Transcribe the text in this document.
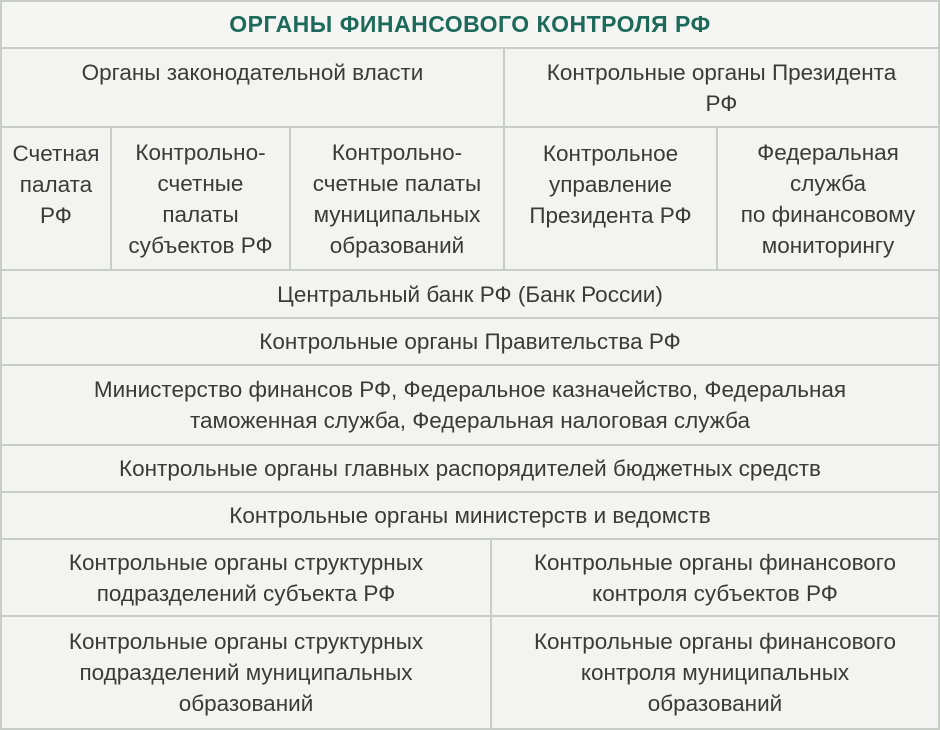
ОРГАНЫ ФИНАНСОВОГО КОНТРОЛЯ РФ
Органы законодательной власти	Контрольные органы Президента
РФ
Счетная
палата
РФ
Контрольно-
счетные
палаты
субъектов РФ
Контрольно-
счетные палаты
муниципальных
образований
Контрольное
управление
Президента РФ
Федеральная
служба
по финансовому
мониторингу
Центральный банк РФ (Банк России)
Контрольные органы Правительства РФ
Министерство финансов РФ, Федеральное казначейство, Федеральная
таможенная служба, Федеральная налоговая служба
Контрольные органы главных распорядителей бюджетных средств
Контрольные органы министерств и ведомств
Контрольные органы структурных
подразделений субъекта РФ
Контрольные органы финансового
контроля субъектов РФ
Контрольные органы структурных
подразделений муниципальных
образований
Контрольные органы финансового
контроля муниципальных
образований
